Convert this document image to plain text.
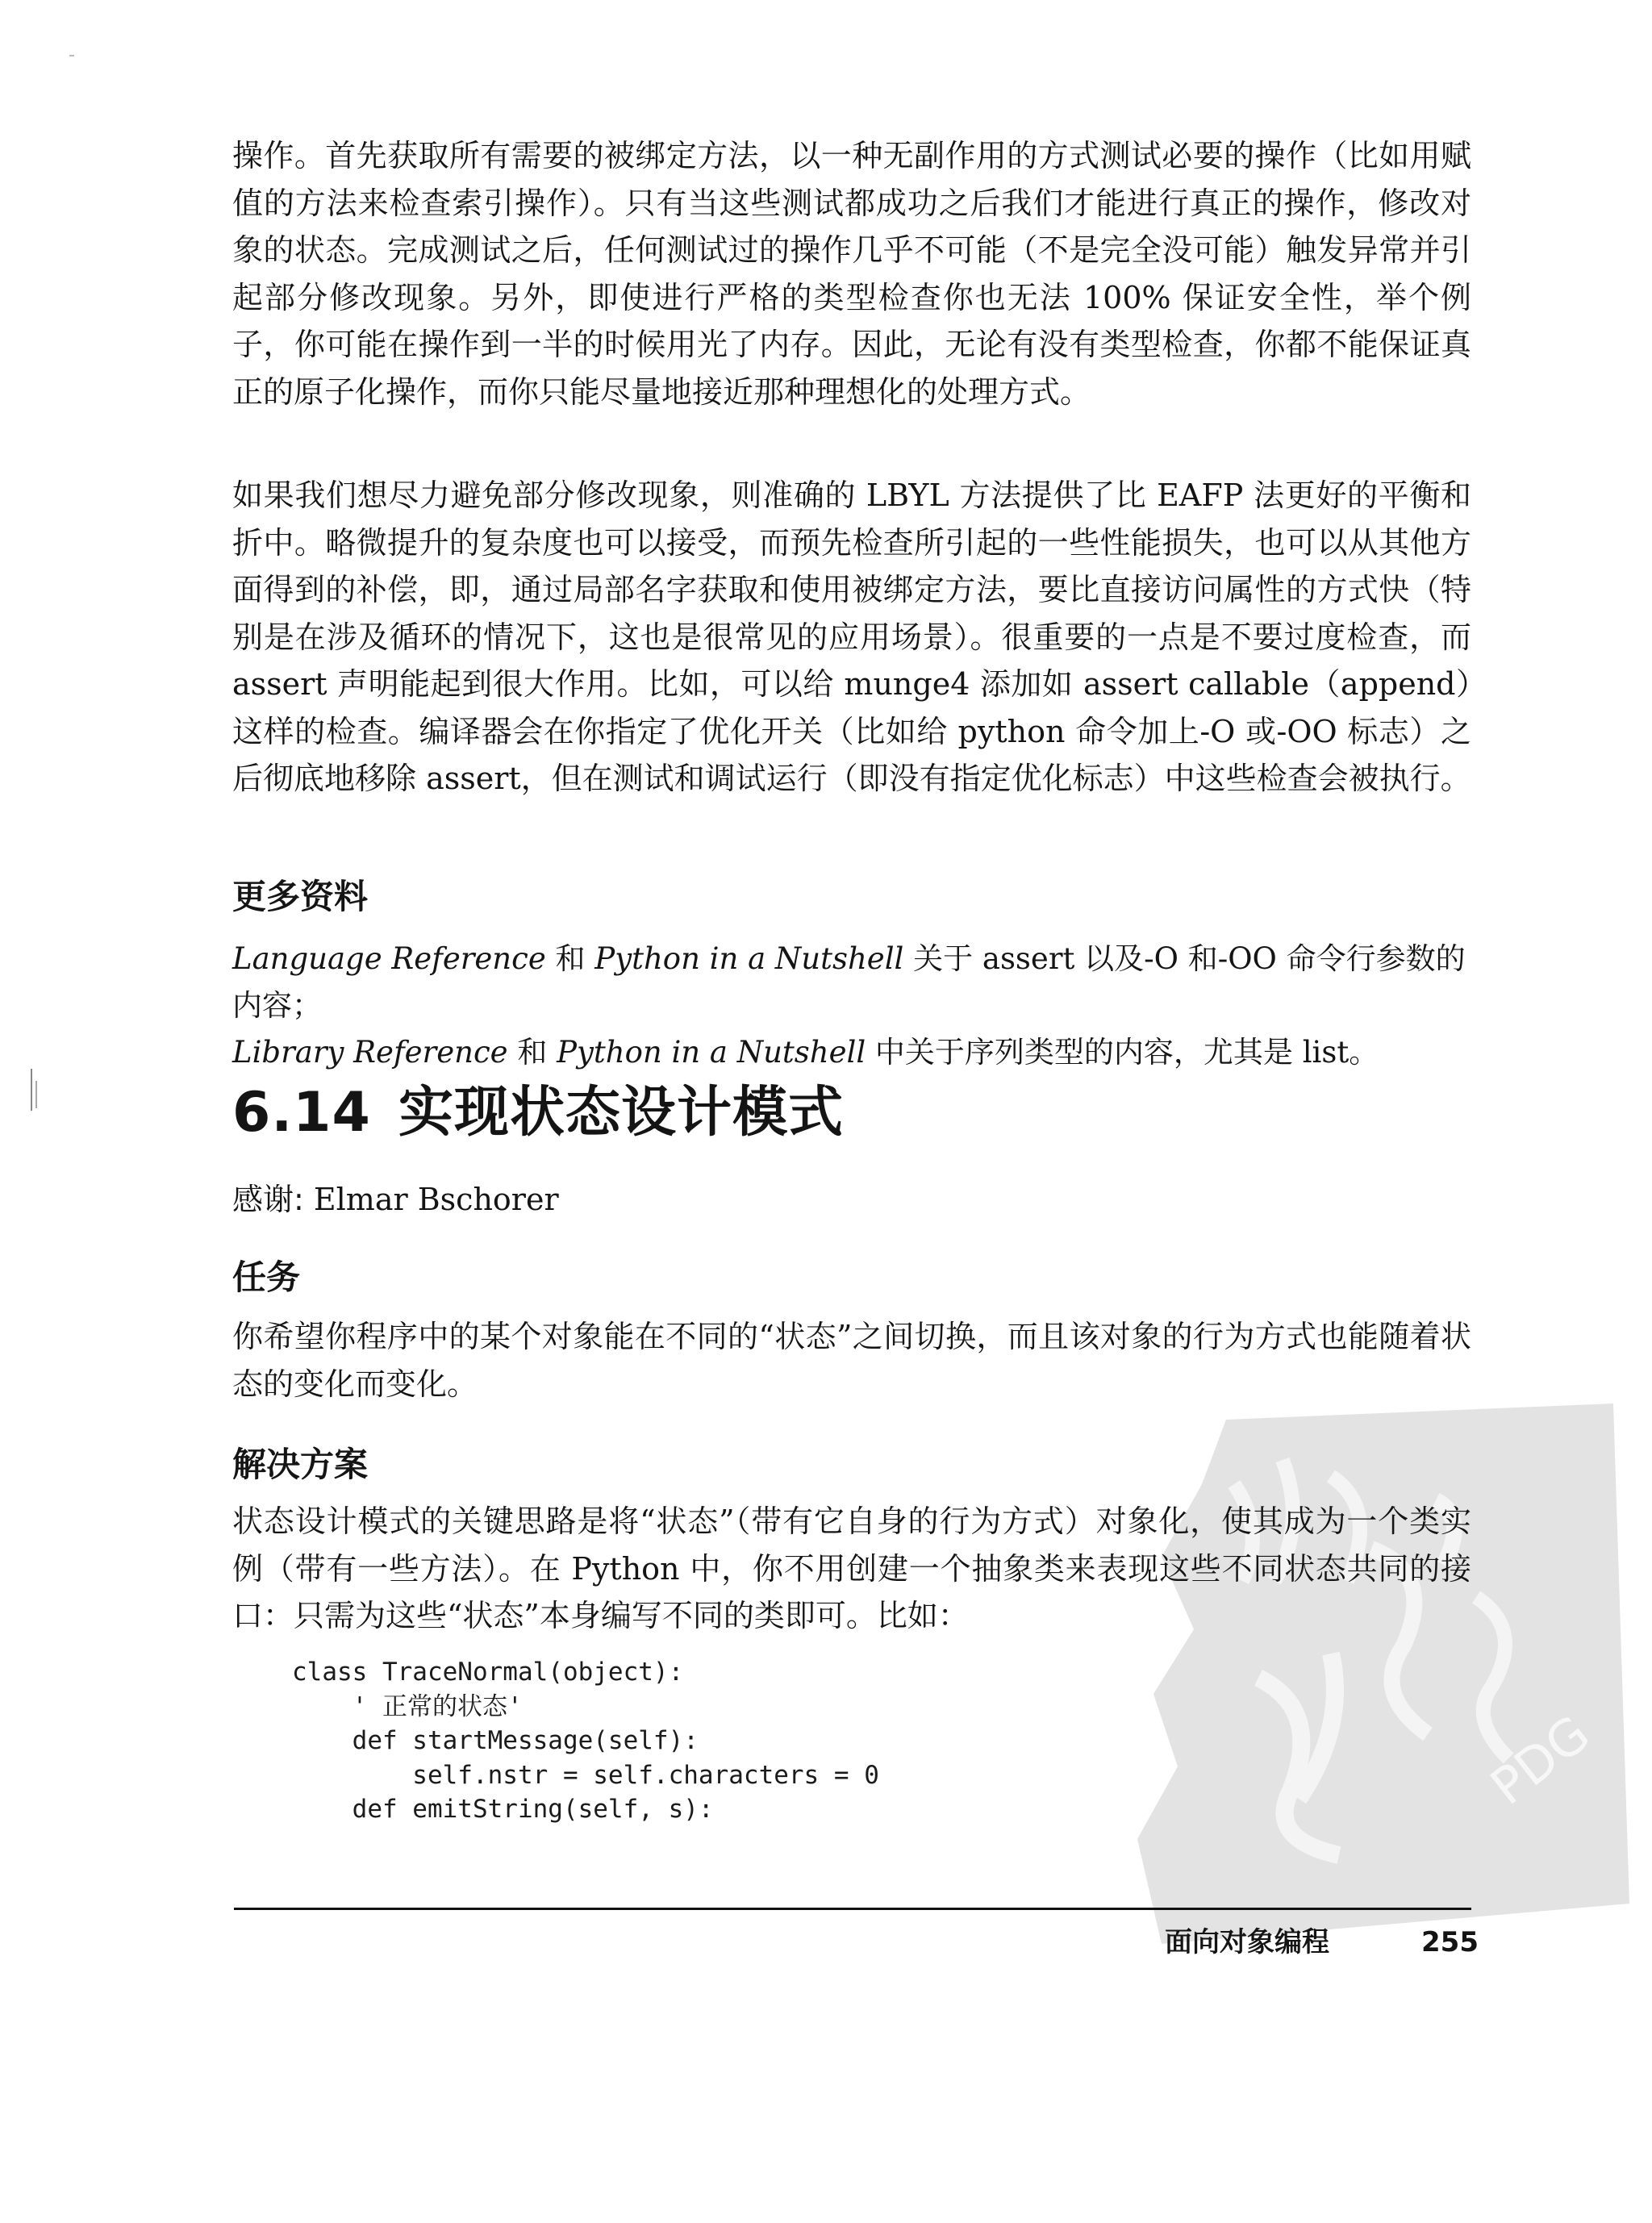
PDG

操作。首先获取所有需要的被绑定方法，以一种无副作用的方式测试必要的操作（比如用赋值的方法来检查索引操作）。只有当这些测试都成功之后我们才能进行真正的操作，修改对象的状态。完成测试之后，任何测试过的操作几乎不可能（不是完全没可能）触发异常并引起部分修改现象。另外，即使进行严格的类型检查你也无法 100% 保证安全性，举个例子，你可能在操作到一半的时候用光了内存。因此，无论有没有类型检查，你都不能保证真正的原子化操作，而你只能尽量地接近那种理想化的处理方式。

如果我们想尽力避免部分修改现象，则准确的 LBYL 方法提供了比 EAFP 法更好的平衡和折中。略微提升的复杂度也可以接受，而预先检查所引起的一些性能损失，也可以从其他方面得到的补偿，即，通过局部名字获取和使用被绑定方法，要比直接访问属性的方式快（特别是在涉及循环的情况下，这也是很常见的应用场景）。很重要的一点是不要过度检查，而 assert 声明能起到很大作用。比如，可以给 munge4 添加如 assert callable（append）这样的检查。编译器会在你指定了优化开关（比如给 python 命令加上-O 或-OO 标志）之后彻底地移除 assert，但在测试和调试运行（即没有指定优化标志）中这些检查会被执行。

更多资料
Language Reference 和 Python in a Nutshell 关于 assert 以及-O 和-OO 命令行参数的内容；
Library Reference 和 Python in a Nutshell 中关于序列类型的内容，尤其是 list。
6.14 实现状态设计模式
感谢: Elmar Bschorer
任务

你希望你程序中的某个对象能在不同的“状态”之间切换，而且该对象的行为方式也能随着状态的变化而变化。

解决方案

状态设计模式的关键思路是将“状态”（带有它自身的行为方式）对象化，使其成为一个类实例（带有一些方法）。在 Python 中，你不用创建一个抽象类来表现这些不同状态共同的接口：只需为这些“状态”本身编写不同的类即可。比如：

class TraceNormal(object):
' 正常的状态'
def startMessage(self):
self.nstr = self.characters = 0
def emitString(self, s):
面向对象编程	255
